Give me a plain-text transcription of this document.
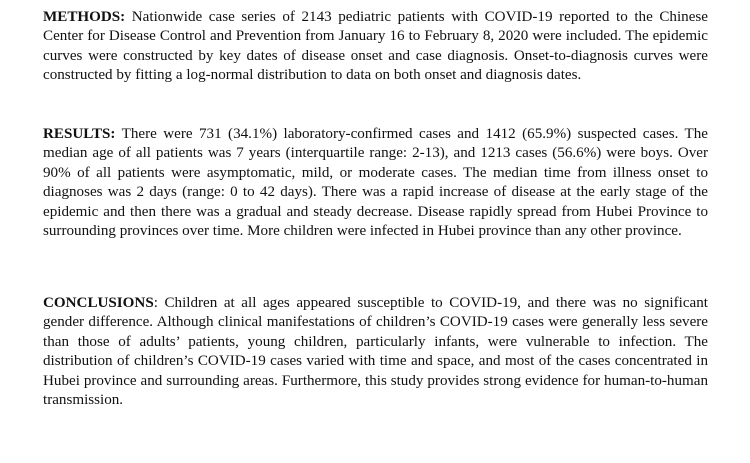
METHODS: Nationwide case series of 2143 pediatric patients with COVID-19 reported to the Chinese Center for Disease Control and Prevention from January 16 to February 8, 2020 were included. The epidemic curves were constructed by key dates of disease onset and case diagnosis. Onset-to-diagnosis curves were constructed by fitting a log-normal distribution to data on both onset and diagnosis dates.

RESULTS: There were 731 (34.1%) laboratory-confirmed cases and 1412 (65.9%) suspected cases. The median age of all patients was 7 years (interquartile range: 2-13), and 1213 cases (56.6%) were boys. Over 90% of all patients were asymptomatic, mild, or moderate cases. The median time from illness onset to diagnoses was 2 days (range: 0 to 42 days). There was a rapid increase of disease at the early stage of the epidemic and then there was a gradual and steady decrease. Disease rapidly spread from Hubei Province to surrounding provinces over time. More children were infected in Hubei province than any other province.

CONCLUSIONS: Children at all ages appeared susceptible to COVID-19, and there was no significant gender difference. Although clinical manifestations of children’s COVID-19 cases were generally less severe than those of adults’ patients, young children, particularly infants, were vulnerable to infection. The distribution of children’s COVID-19 cases varied with time and space, and most of the cases concentrated in Hubei province and surrounding areas. Furthermore, this study provides strong evidence for human-to-human transmission.
